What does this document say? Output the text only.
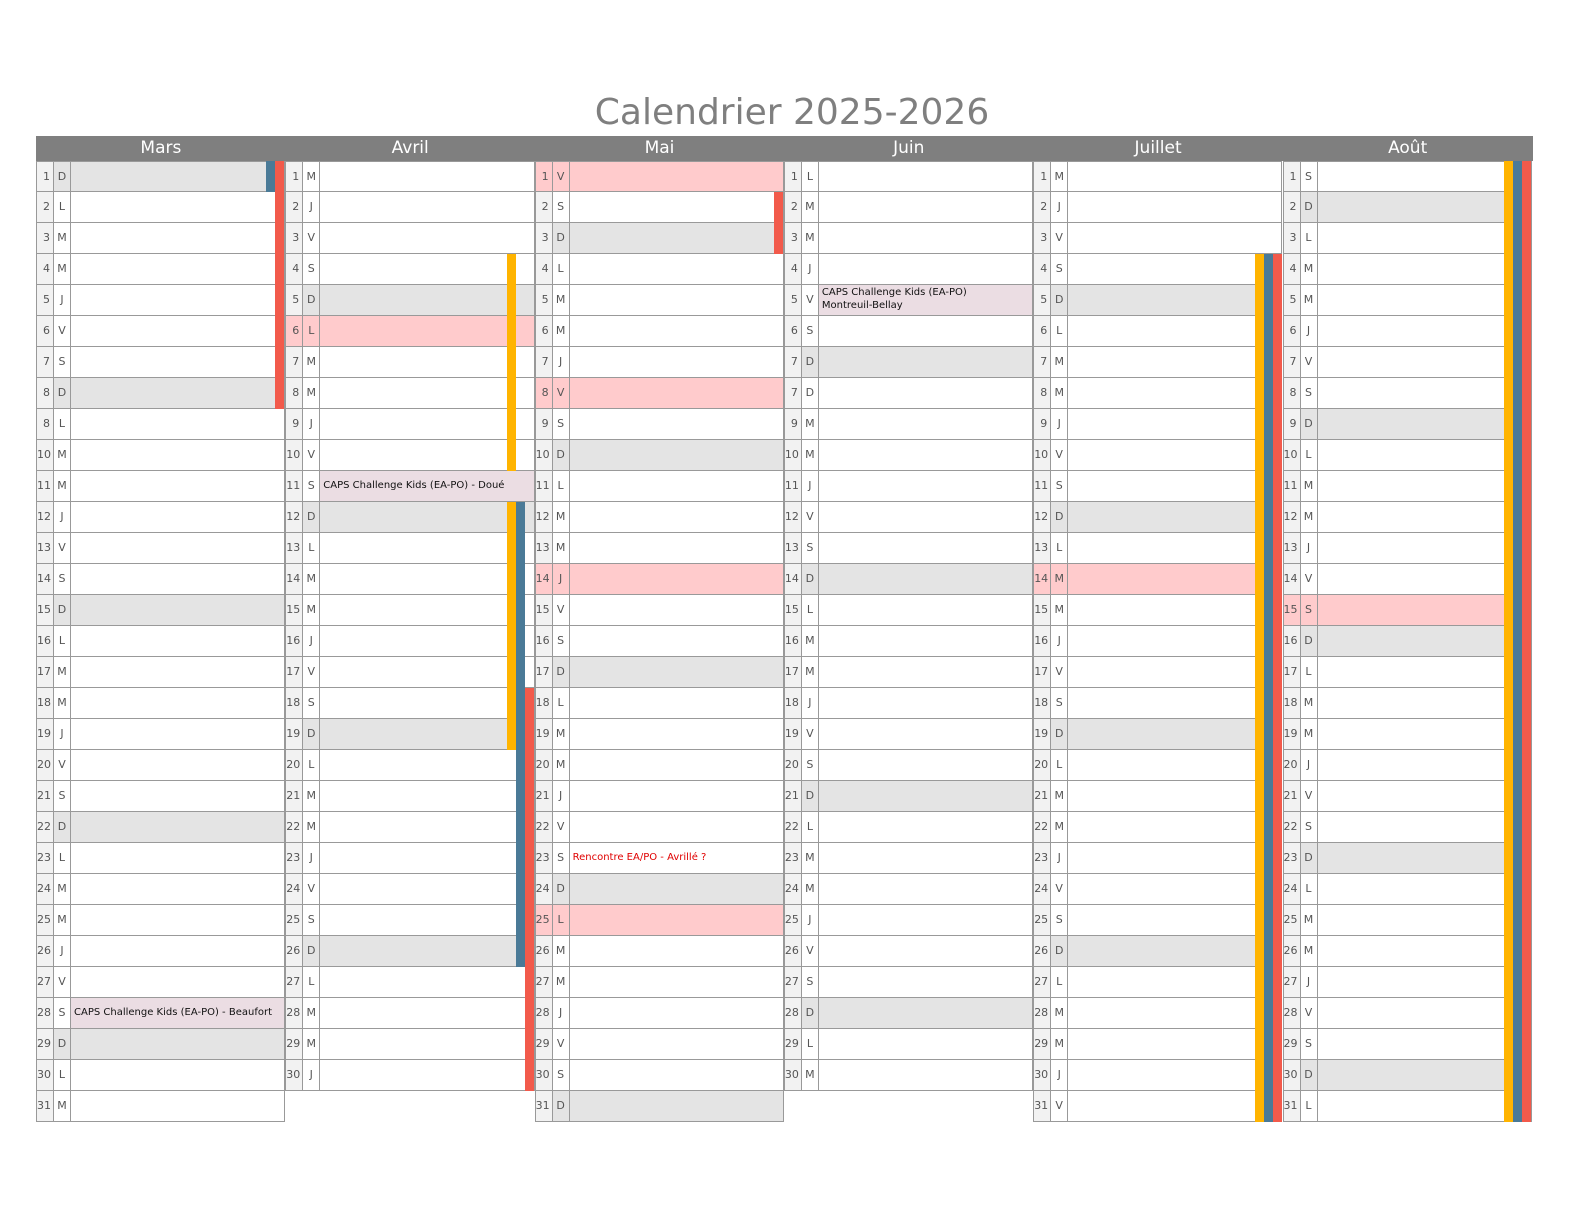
Calendrier 2025-2026
Mars
1 D
2 L
3 M
4 M
5 J
6 V
7 S
8 D
8 L
10 M
11 M
12 J
13 V
14 S
15 D
16 L
17 M
18 M
19 J
20 V
21 S
22 D
23 L
24 M
25 M
26 J
27 V
28 S CAPS Challenge Kids (EA-PO) - Beaufort
29 D
30 L
31 M
Avril
1 M
2 J
3 V
4 S
5 D
6 L
7 M
8 M
9 J
10 V
11 S CAPS Challenge Kids (EA-PO) - Doué
12 D
13 L
14 M
15 M
16 J
17 V
18 S
19 D
20 L
21 M
22 M
23 J
24 V
25 S
26 D
27 L
28 M
29 M
30 J
Mai
1 V
2 S
3 D
4 L
5 M
6 M
7 J
8 V
9 S
10 D
11 L
12 M
13 M
14 J
15 V
16 S
17 D
18 L
19 M
20 M
21 J
22 V
23 S Rencontre EA/PO - Avrillé ?
24 D
25 L
26 M
27 M
28 J
29 V
30 S
31 D
Juin
1 L
2 M
3 M
4 J
5 V
CAPS Challenge Kids (EA-PO)
Montreuil-Bellay
6 S
7 D
7 D
9 M
10 M
11 J
12 V
13 S
14 D
15 L
16 M
17 M
18 J
19 V
20 S
21 D
22 L
23 M
24 M
25 J
26 V
27 S
28 D
29 L
30 M
Juillet
1 M
2 J
3 V
4 S
5 D
6 L
7 M
8 M
9 J
10 V
11 S
12 D
13 L
14 M
15 M
16 J
17 V
18 S
19 D
20 L
21 M
22 M
23 J
24 V
25 S
26 D
27 L
28 M
29 M
30 J
31 V
Août
1 S
2 D
3 L
4 M
5 M
6 J
7 V
8 S
9 D
10 L
11 M
12 M
13 J
14 V
15 S
16 D
17 L
18 M
19 M
20 J
21 V
22 S
23 D
24 L
25 M
26 M
27 J
28 V
29 S
30 D
31 L
